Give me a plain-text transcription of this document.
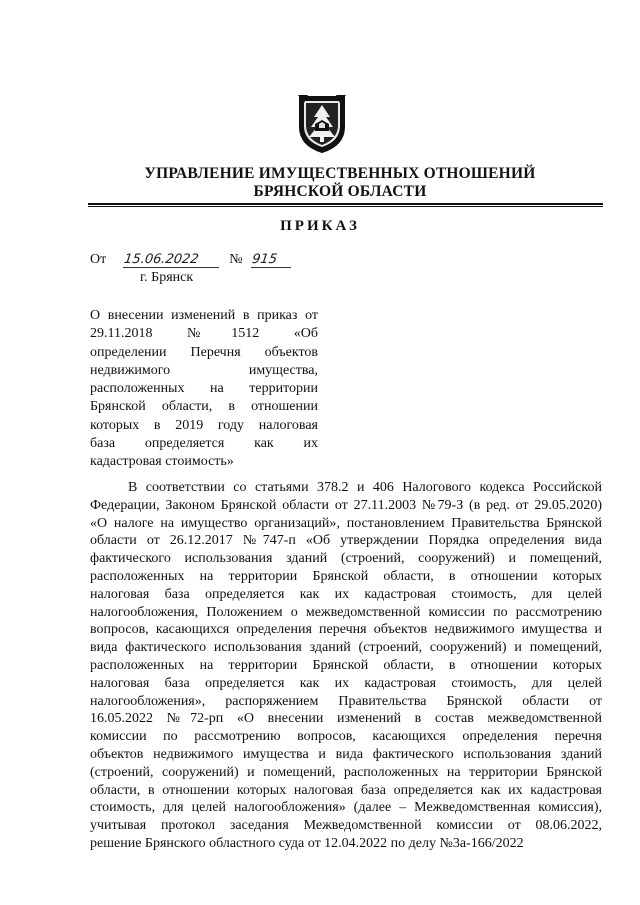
УПРАВЛЕНИЕ ИМУЩЕСТВЕННЫХ ОТНОШЕНИЙ
БРЯНСКОЙ ОБЛАСТИ
ПРИКАЗ
От 15.06.2022 № 915
г. Брянск
О внесении изменений в приказ от
29.11.2018 №1512 «Об
определении Перечня объектов
недвижимого имущества,
расположенных на территории
Брянской области, в отношении
которых в 2019 году налоговая
база определяется как их
кадастровая стоимость»
В соответствии со статьями 378.2 и 406 Налогового кодекса Российской
Федерации, Законом Брянской области от 27.11.2003 №79-З (в ред. от 29.05.2020)
«О налоге на имущество организаций», постановлением Правительства Брянской
области от 26.12.2017 №747-п «Об утверждении Порядка определения вида
фактического использования зданий (строений, сооружений) и помещений,
расположенных на территории Брянской области, в отношении которых
налоговая база определяется как их кадастровая стоимость, для целей
налогообложения, Положением о межведомственной комиссии по рассмотрению
вопросов, касающихся определения перечня объектов недвижимого имущества и
вида фактического использования зданий (строений, сооружений) и помещений,
расположенных на территории Брянской области, в отношении которых
налоговая база определяется как их кадастровая стоимость, для целей
налогообложения», распоряжением Правительства Брянской области от
16.05.2022 №72-рп «О внесении изменений в состав межведомственной
комиссии по рассмотрению вопросов, касающихся определения перечня
объектов недвижимого имущества и вида фактического использования зданий
(строений, сооружений) и помещений, расположенных на территории Брянской
области, в отношении которых налоговая база определяется как их кадастровая
стоимость, для целей налогообложения» (далее – Межведомственная комиссия),
учитывая протокол заседания Межведомственной комиссии от 08.06.2022,
решение Брянского областного суда от 12.04.2022 по делу №3а-166/2022
